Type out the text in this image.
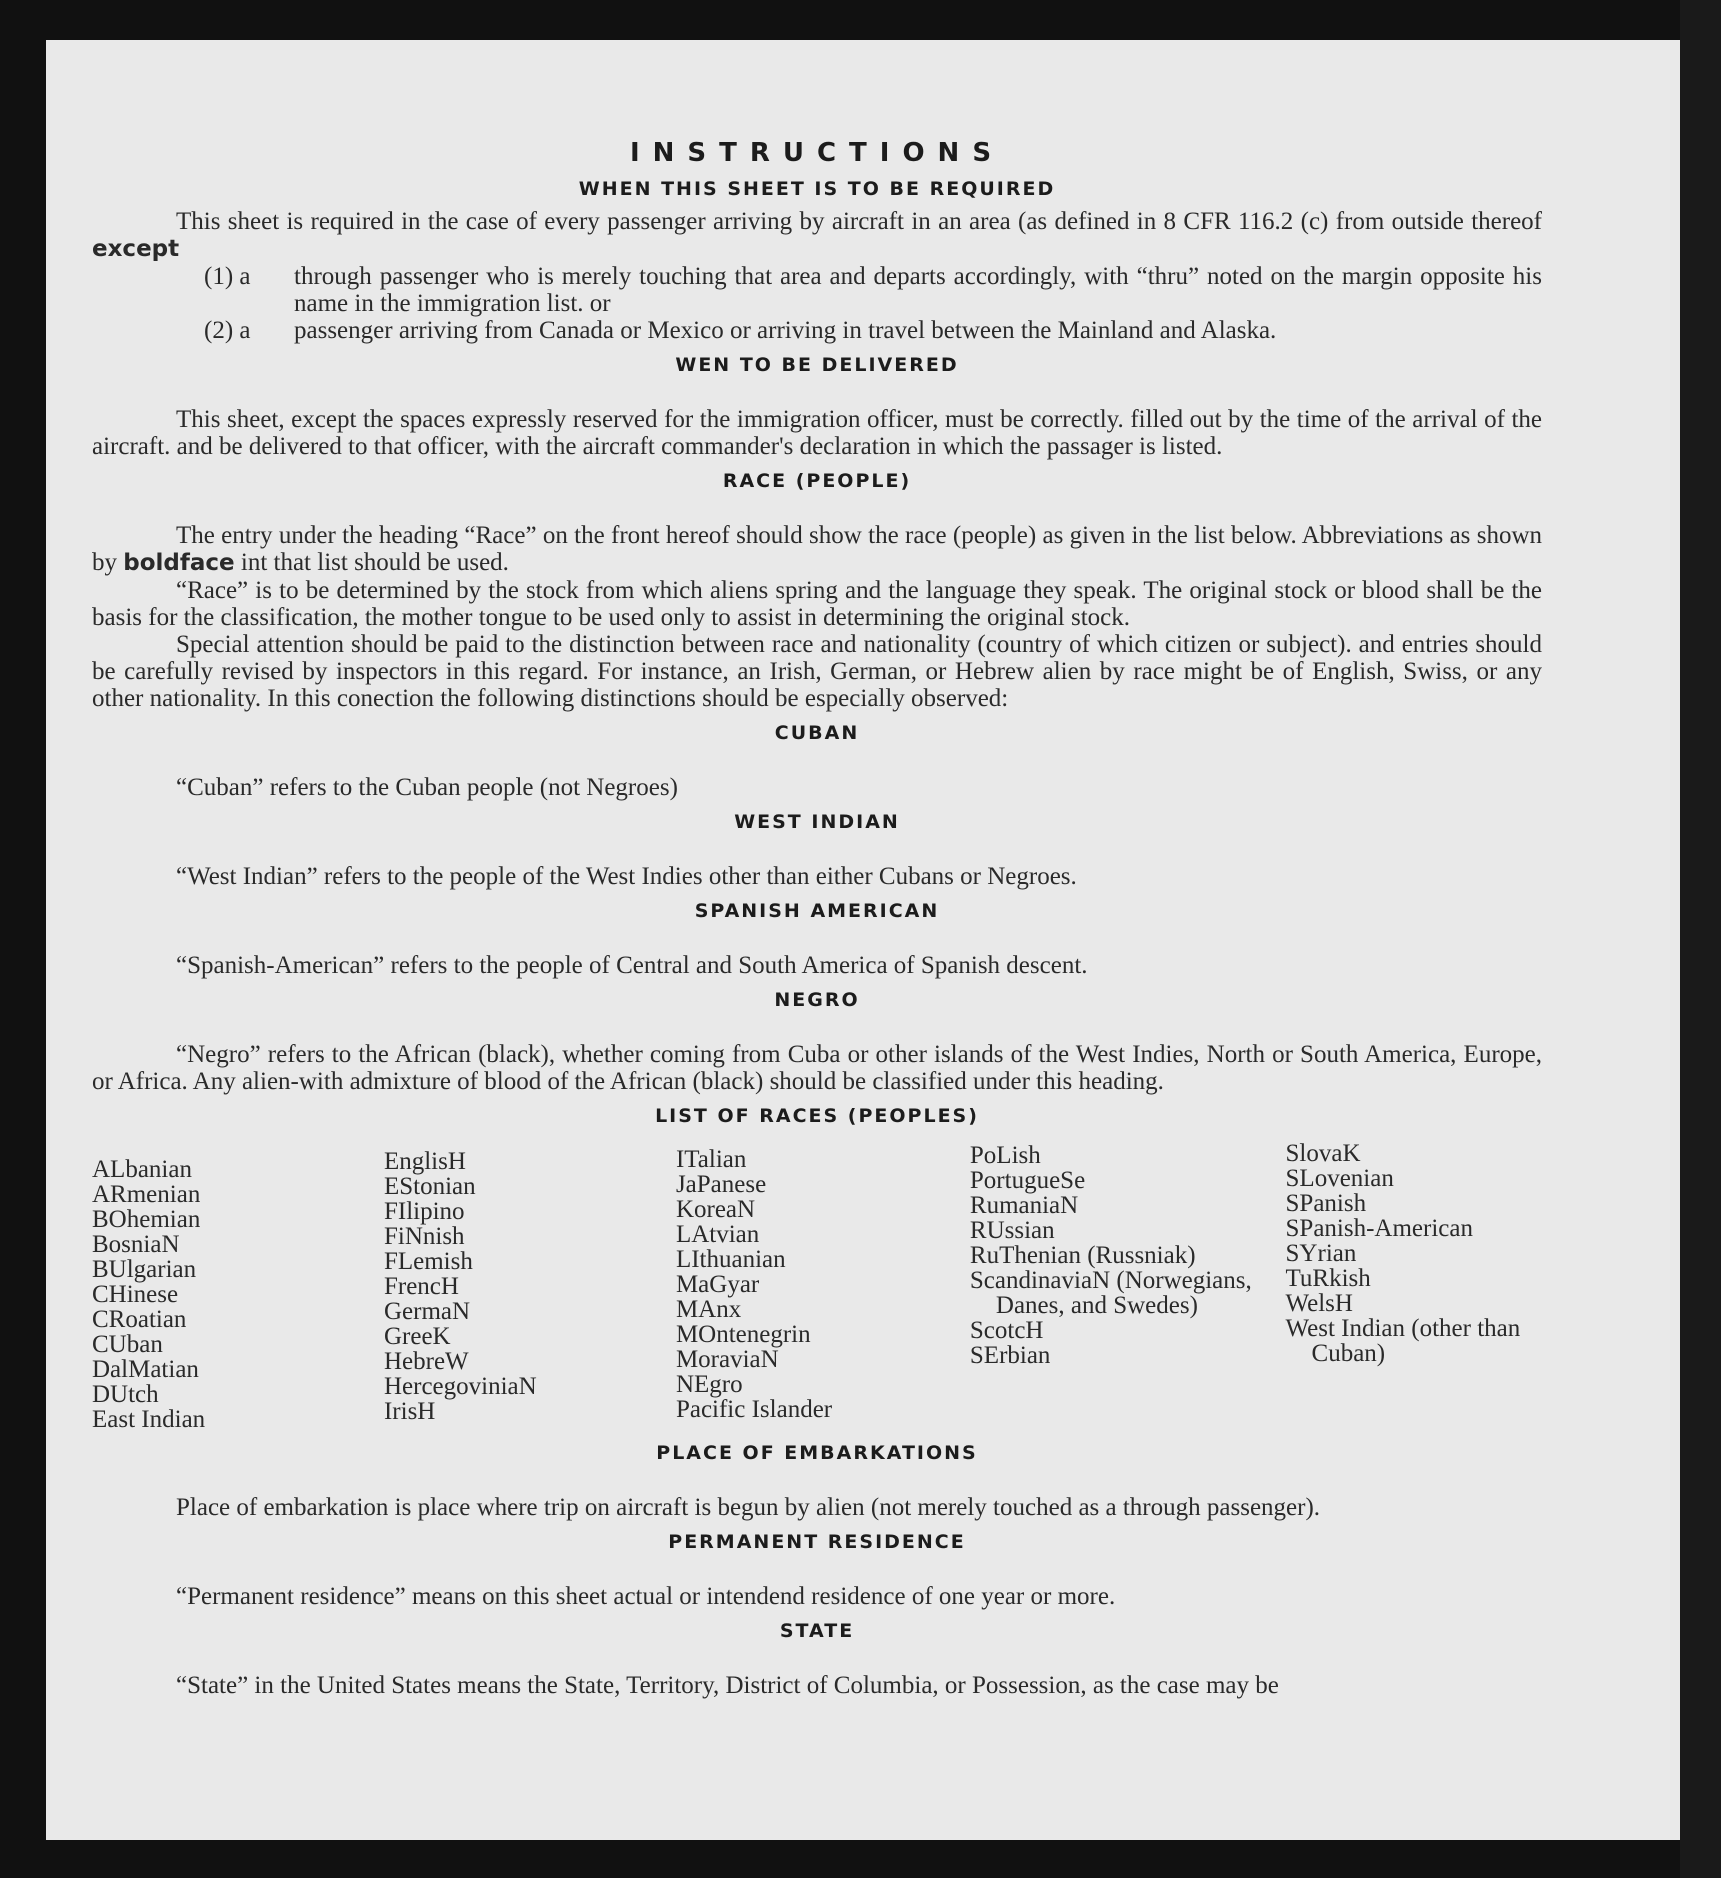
INSTRUCTIONS
WHEN THIS SHEET IS TO BE REQUIRED

This sheet is required in the case of every passenger arriving by aircraft in an area (as defined in 8 CFR 116.2 (c) from outside thereof except

(1) a through passenger who is merely touching that area and departs accordingly, with “thru” noted on the margin opposite his name in the immigration list. or
(2) a passenger arriving from Canada or Mexico or arriving in travel between the Mainland and Alaska.
WEN TO BE DELIVERED

This sheet, except the spaces expressly reserved for the immigration officer, must be correctly. filled out by the time of the arrival of the aircraft. and be delivered to that officer, with the aircraft commander's declaration in which the passager is listed.

RACE (PEOPLE)

The entry under the heading “Race” on the front hereof should show the race (people) as given in the list below. Abbreviations as shown by boldface int that list should be used.

“Race” is to be determined by the stock from which aliens spring and the language they speak. The original stock or blood shall be the basis for the classification, the mother tongue to be used only to assist in determining the original stock.

Special attention should be paid to the distinction between race and nationality (country of which citizen or subject). and entries should be carefully revised by inspectors in this regard. For instance, an Irish, German, or Hebrew alien by race might be of English, Swiss, or any other nationality. In this conection the following distinctions should be especially observed:

CUBAN

“Cuban” refers to the Cuban people (not Negroes)

WEST INDIAN

“West Indian” refers to the people of the West Indies other than either Cubans or Negroes.

SPANISH AMERICAN

“Spanish-American” refers to the people of Central and South America of Spanish descent.

NEGRO

“Negro” refers to the African (black), whether coming from Cuba or other islands of the West Indies, North or South America, Europe, or Africa. Any alien-with admixture of blood of the African (black) should be classified under this heading.

LIST OF RACES (PEOPLES)
ALbanian
ARmenian
BOhemian
BosniaN
BUlgarian
CHinese
CRoatian
CUban
DalMatian
DUtch
East Indian
EnglisH
EStonian
FIlipino
FiNnish
FLemish
FrencH
GermaN
GreeK
HebreW
HercegoviniaN
IrisH
ITalian
JaPanese
KoreaN
LAtvian
LIthuanian
MaGyar
MAnx
MOntenegrin
MoraviaN
NEgro
Pacific Islander
PoLish
PortugueSe
RumaniaN
RUssian
RuThenian (Russniak)
ScandinaviaN (Norwegians, Danes, and Swedes)
ScotcH
SErbian
SlovaK
SLovenian
SPanish
SPanish-American
SYrian
TuRkish
WelsH
West Indian (other than Cuban)
PLACE OF EMBARKATIONS

Place of embarkation is place where trip on aircraft is begun by alien (not merely touched as a through passenger).

PERMANENT RESIDENCE

“Permanent residence” means on this sheet actual or intendend residence of one year or more.

STATE

“State” in the United States means the State, Territory, District of Columbia, or Possession, as the case may be
